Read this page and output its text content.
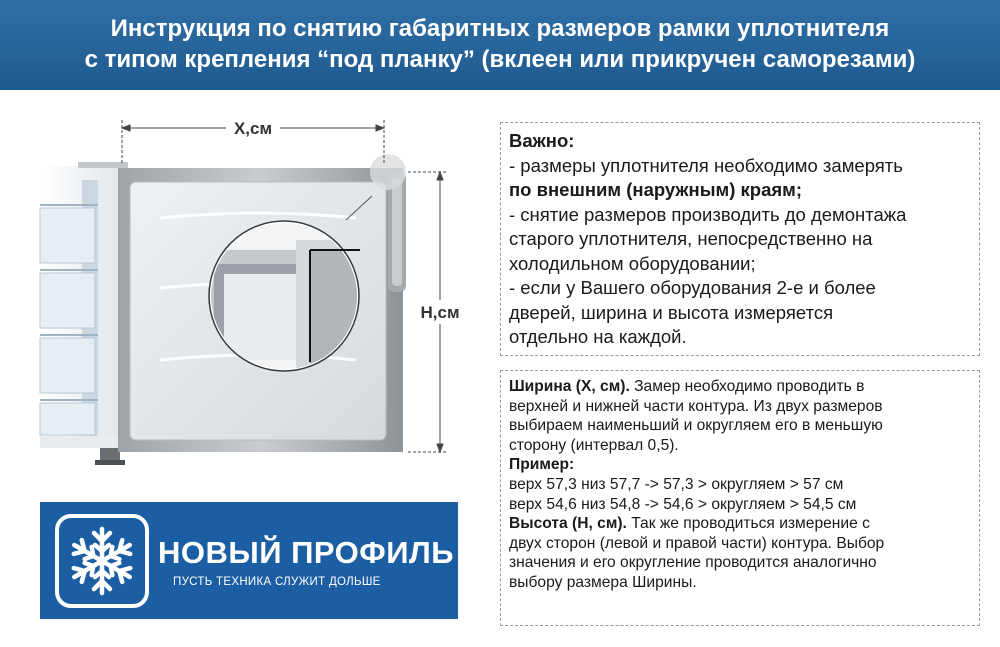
Инструкция по снятию габаритных размеров рамки уплотнителя
с типом крепления “под планку” (вклеен или прикручен саморезами)
X,см
H,см
Важно:
- размеры уплотнителя необходимо замерять
по внешним (наружным) краям;
- снятие размеров производить до демонтажа
старого уплотнителя, непосредственно на
холодильном оборудовании;
- если у Вашего оборудования 2-е и более
дверей, ширина и высота измеряется
отдельно на каждой.
Ширина (X, см). Замер необходимо проводить в
верхней и нижней части контура. Из двух размеров
выбираем наименьший и округляем его в меньшую
сторону (интервал 0,5).
Пример:
верх 57,3 низ 57,7 -> 57,3 > округляем > 57 см
верх 54,6 низ 54,8 -> 54,6 > округляем > 54,5 см
Высота (H, см). Так же проводиться измерение с
двух сторон (левой и правой части) контура. Выбор
значения и его округление проводится аналогично
выбору размера Ширины.
НОВЫЙ ПРОФИЛЬ
ПУСТЬ ТЕХНИКА СЛУЖИТ ДОЛЬШЕ
